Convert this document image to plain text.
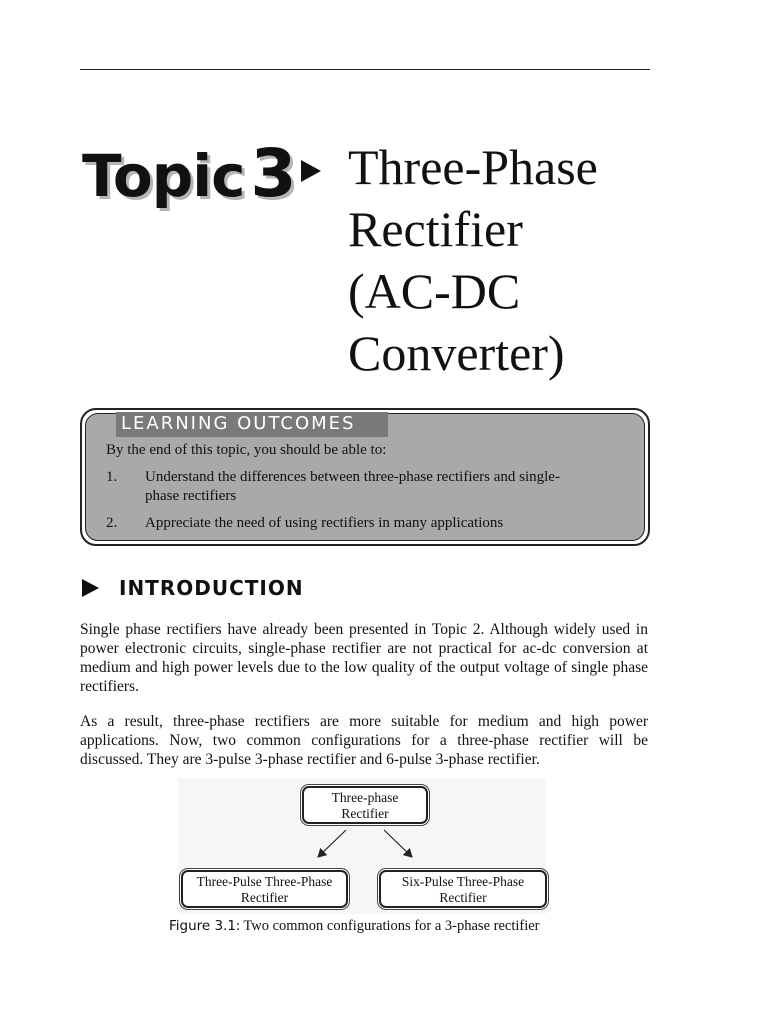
Topic3 Three-Phase
Rectifier
(AC-DC
Converter)
LEARNING OUTCOMES
By the end of this topic, you should be able to:
1. Understand the differences between three-phase rectifiers and single-
phase rectifiers
2. Appreciate the need of using rectifiers in many applications
INTRODUCTION
Single phase rectifiers have already been presented in Topic 2. Although widely used in power electronic circuits, single-phase rectifier are not practical for ac-dc conversion at medium and high power levels due to the low quality of the output voltage of single phase rectifiers.
As a result, three-phase rectifiers are more suitable for medium and high power applications. Now, two common configurations for a three-phase rectifier will be discussed. They are 3-pulse 3-phase rectifier and 6-pulse 3-phase rectifier.
Three-phase
Rectifier
Three-Pulse Three-Phase
Rectifier
Six-Pulse Three-Phase
Rectifier
Figure 3.1: Two common configurations for a 3-phase rectifier
